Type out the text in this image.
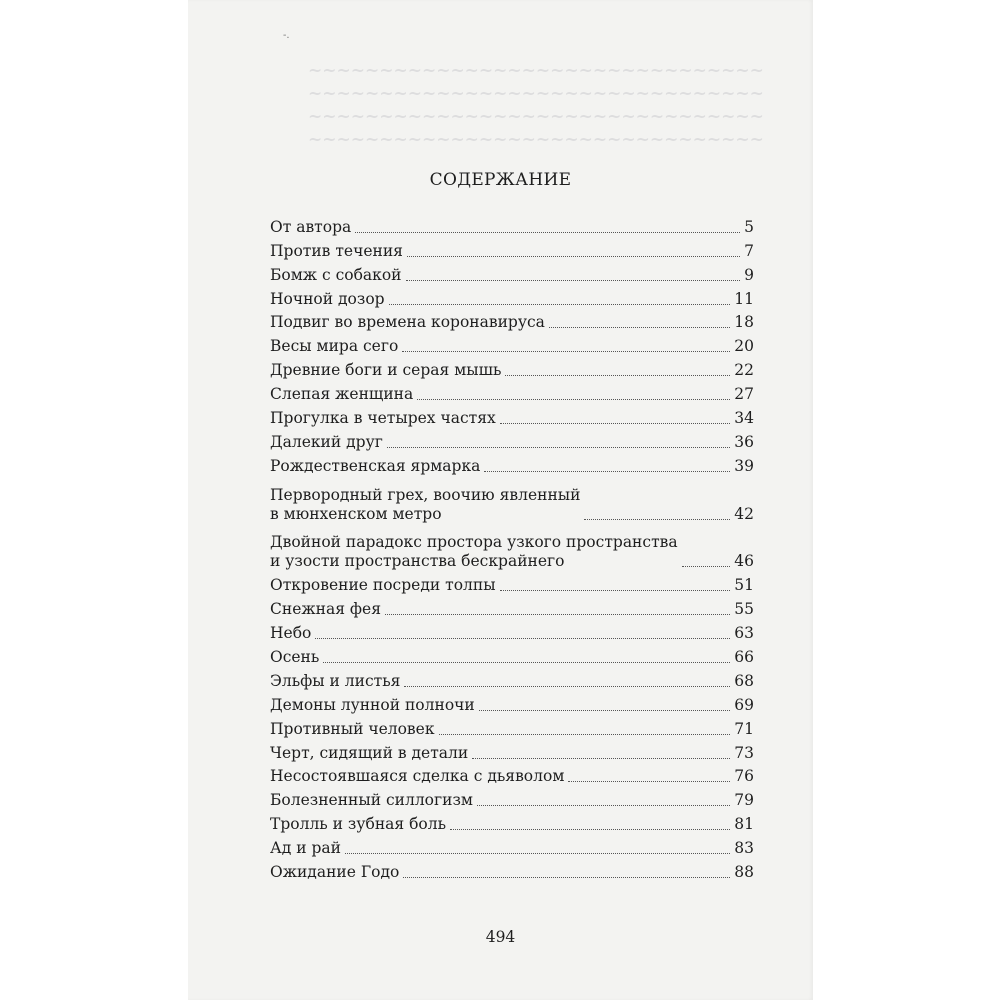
-.
~~~~~~~~~~~~~~~~~~~~~~~~~~~~~~~~
~~~~~~~~~~~~~~~~~~~~~~~~~~~~~~~~
~~~~~~~~~~~~~~~~~~~~~~~~~~~~~~~~
~~~~~~~~~~~~~~~~~~~~~~~~~~~~~~~~
СОДЕРЖАНИЕ
От автора	5
Против течения	7
Бомж с собакой	9
Ночной дозор	11
Подвиг во времена коронавируса	18
Весы мира сего	20
Древние боги и серая мышь	22
Слепая женщина	27
Прогулка в четырех частях	34
Далекий друг	36
Рождественская ярмарка	39
Первородный грех, воочию явленный
в мюнхенском метро	42
Двойной парадокс простора узкого пространства
и узости пространства бескрайнего	46
Откровение посреди толпы	51
Снежная фея	55
Небо	63
Осень	66
Эльфы и листья	68
Демоны лунной полночи	69
Противный человек	71
Черт, сидящий в детали	73
Несостоявшаяся сделка с дьяволом	76
Болезненный силлогизм	79
Тролль и зубная боль	81
Ад и рай	83
Ожидание Годо	88
494
